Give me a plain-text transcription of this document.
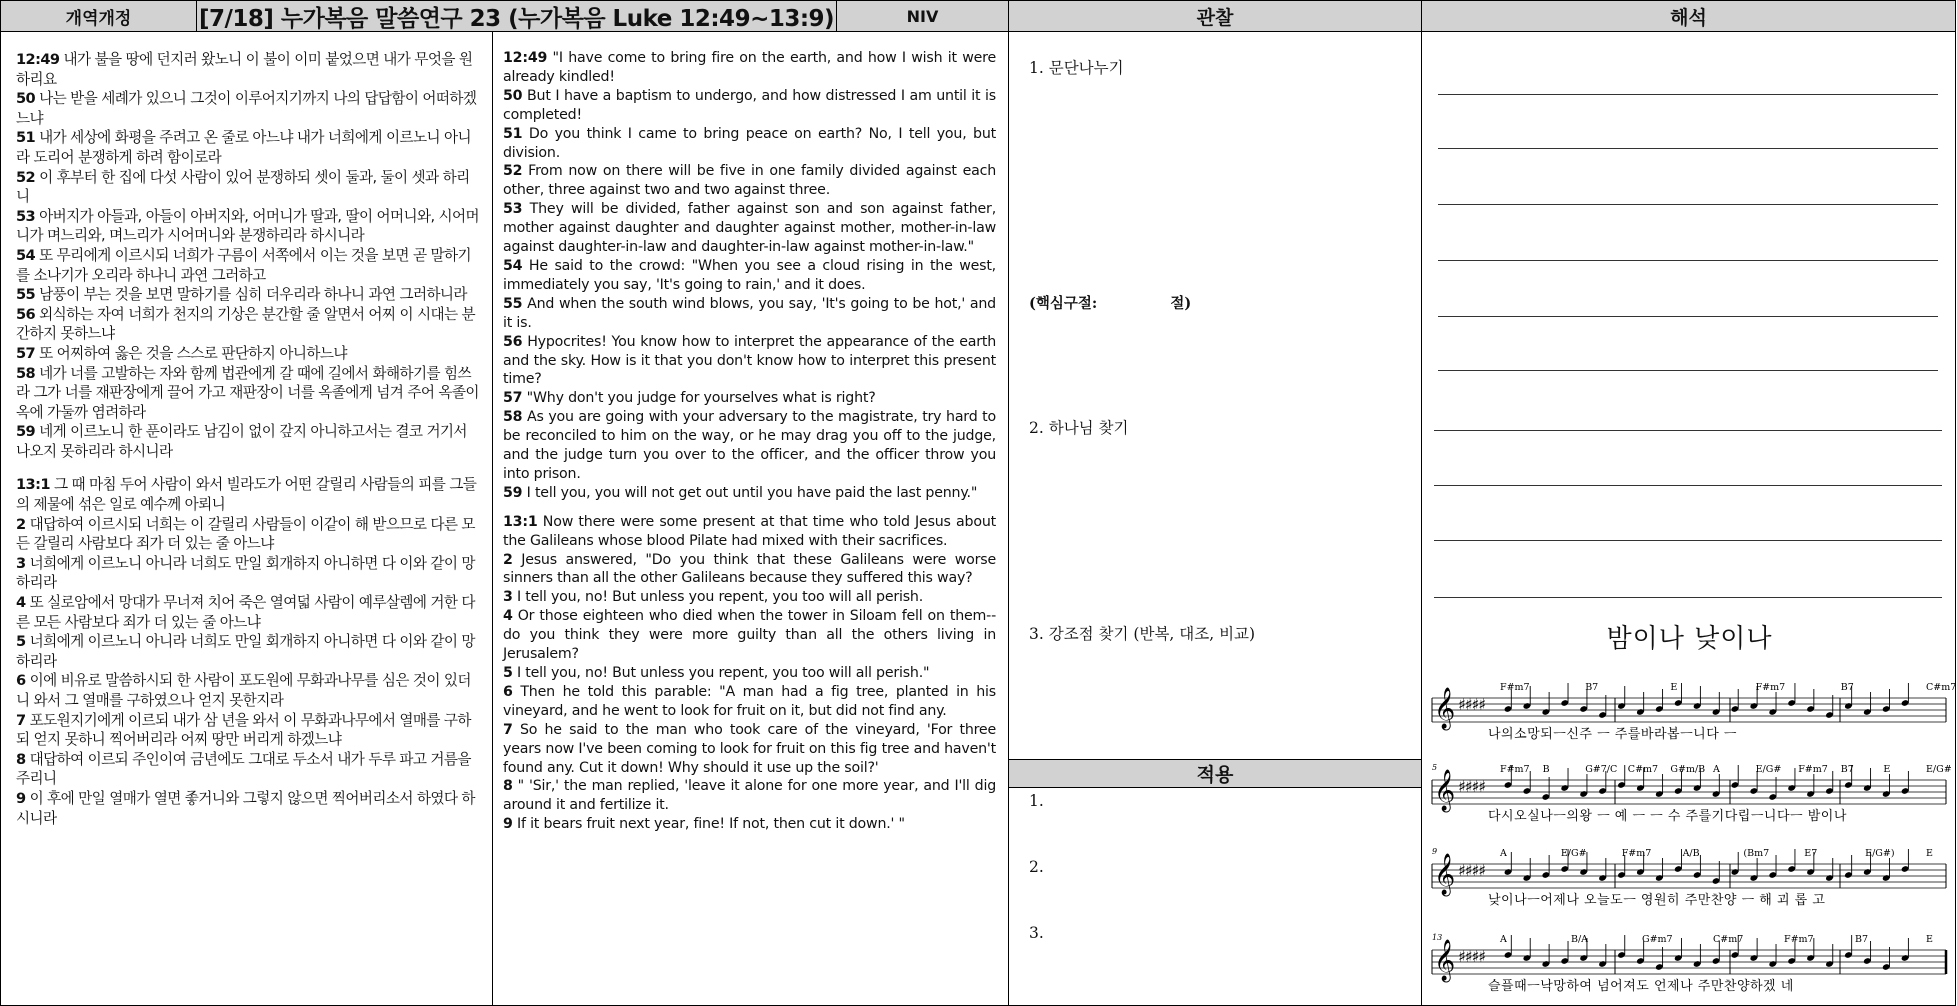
개역개정	[7/18] 누가복음 말씀연구 23 (누가복음 Luke 12:49~13:9)	NIV	관찰	해석
12:49 내가 불을 땅에 던지러 왔노니 이 불이 이미 붙었으면 내가 무엇을 원하리요
50 나는 받을 세례가 있으니 그것이 이루어지기까지 나의 답답함이 어떠하겠느냐
51 내가 세상에 화평을 주려고 온 줄로 아느냐 내가 너희에게 이르노니 아니라 도리어 분쟁하게 하려 함이로라
52 이 후부터 한 집에 다섯 사람이 있어 분쟁하되 셋이 둘과, 둘이 셋과 하리니
53 아버지가 아들과, 아들이 아버지와, 어머니가 딸과, 딸이 어머니와, 시어머니가 며느리와, 며느리가 시어머니와 분쟁하리라 하시니라
54 또 무리에게 이르시되 너희가 구름이 서쪽에서 이는 것을 보면 곧 말하기를 소나기가 오리라 하나니 과연 그러하고
55 남풍이 부는 것을 보면 말하기를 심히 더우리라 하나니 과연 그러하니라
56 외식하는 자여 너희가 천지의 기상은 분간할 줄 알면서 어찌 이 시대는 분간하지 못하느냐
57 또 어찌하여 옳은 것을 스스로 판단하지 아니하느냐
58 네가 너를 고발하는 자와 함께 법관에게 갈 때에 길에서 화해하기를 힘쓰라 그가 너를 재판장에게 끌어 가고 재판장이 너를 옥졸에게 넘겨 주어 옥졸이 옥에 가둘까 염려하라
59 네게 이르노니 한 푼이라도 남김이 없이 갚지 아니하고서는 결코 거기서 나오지 못하리라 하시니라
13:1 그 때 마침 두어 사람이 와서 빌라도가 어떤 갈릴리 사람들의 피를 그들의 제물에 섞은 일로 예수께 아뢰니
2 대답하여 이르시되 너희는 이 갈릴리 사람들이 이같이 해 받으므로 다른 모든 갈릴리 사람보다 죄가 더 있는 줄 아느냐
3 너희에게 이르노니 아니라 너희도 만일 회개하지 아니하면 다 이와 같이 망하리라
4 또 실로암에서 망대가 무너져 치어 죽은 열여덟 사람이 예루살렘에 거한 다른 모든 사람보다 죄가 더 있는 줄 아느냐
5 너희에게 이르노니 아니라 너희도 만일 회개하지 아니하면 다 이와 같이 망하리라
6 이에 비유로 말씀하시되 한 사람이 포도원에 무화과나무를 심은 것이 있더니 와서 그 열매를 구하였으나 얻지 못한지라
7 포도원지기에게 이르되 내가 삼 년을 와서 이 무화과나무에서 열매를 구하되 얻지 못하니 찍어버리라 어찌 땅만 버리게 하겠느냐
8 대답하여 이르되 주인이여 금년에도 그대로 두소서 내가 두루 파고 거름을 주리니
9 이 후에 만일 열매가 열면 좋거니와 그렇지 않으면 찍어버리소서 하였다 하시니라
12:49 "I have come to bring fire on the earth, and how I wish it were already kindled!
50 But I have a baptism to undergo, and how distressed I am until it is completed!
51 Do you think I came to bring peace on earth? No, I tell you, but division.
52 From now on there will be five in one family divided against each other, three against two and two against three.
53 They will be divided, father against son and son against father, mother against daughter and daughter against mother, mother-in-law against daughter-in-law and daughter-in-law against mother-in-law."
54 He said to the crowd: "When you see a cloud rising in the west, immediately you say, 'It's going to rain,' and it does.
55 And when the south wind blows, you say, 'It's going to be hot,' and it is.
56 Hypocrites! You know how to interpret the appearance of the earth and the sky. How is it that you don't know how to interpret this present time?
57 "Why don't you judge for yourselves what is right?
58 As you are going with your adversary to the magistrate, try hard to be reconciled to him on the way, or he may drag you off to the judge, and the judge turn you over to the officer, and the officer throw you into prison.
59 I tell you, you will not get out until you have paid the last penny."
13:1 Now there were some present at that time who told Jesus about the Galileans whose blood Pilate had mixed with their sacrifices.
2 Jesus answered, "Do you think that these Galileans were worse sinners than all the other Galileans because they suffered this way?
3 I tell you, no! But unless you repent, you too will all perish.
4 Or those eighteen who died when the tower in Siloam fell on them--do you think they were more guilty than all the others living in Jerusalem?
5 I tell you, no! But unless you repent, you too will all perish."
6 Then he told this parable: "A man had a fig tree, planted in his vineyard, and he went to look for fruit on it, but did not find any.
7 So he said to the man who took care of the vineyard, 'For three years now I've been coming to look for fruit on this fig tree and haven't found any. Cut it down! Why should it use up the soil?'
8 " 'Sir,' the man replied, 'leave it alone for one more year, and I'll dig around it and fertilize it.
9 If it bears fruit next year, fine! If not, then cut it down.' "
1. 문단나누기
(핵심구절:	절)
2. 하나님 찾기
3. 강조점 찾기 (반복, 대조, 비교)
적용
1.
2.
3.
밤이나 낮이나
𝄞 ♯♯♯♯
F#m7	B7	E	F#m7	B7	C#m7
나의소망되ㅡ신주 ㅡ 주를바라봅ㅡ니다 ㅡ
𝄞 ♯♯♯♯
5	F#m7 B	G#7/C C#m7 G#m/B A	E/G# F#m7 B7	E	E/G#
다시오실나ㅡ의왕 ㅡ 예 ㅡ ㅡ 수 주를기다립ㅡ니다ㅡ 밤이나
𝄞 ♯♯♯♯
9	A	E/G#	F#m7	A/B	(Bm7	E7	E/G#)	E
낮이나ㅡ어제나 오늘도ㅡ 영원히 주만찬양 ㅡ 해 괴 롭 고
𝄞 ♯♯♯♯
13	A	B/A	G#m7	C#m7	F#m7	B7	E
슬플때ㅡ낙망하여 넘어져도 언제나 주만찬양하겠 네
